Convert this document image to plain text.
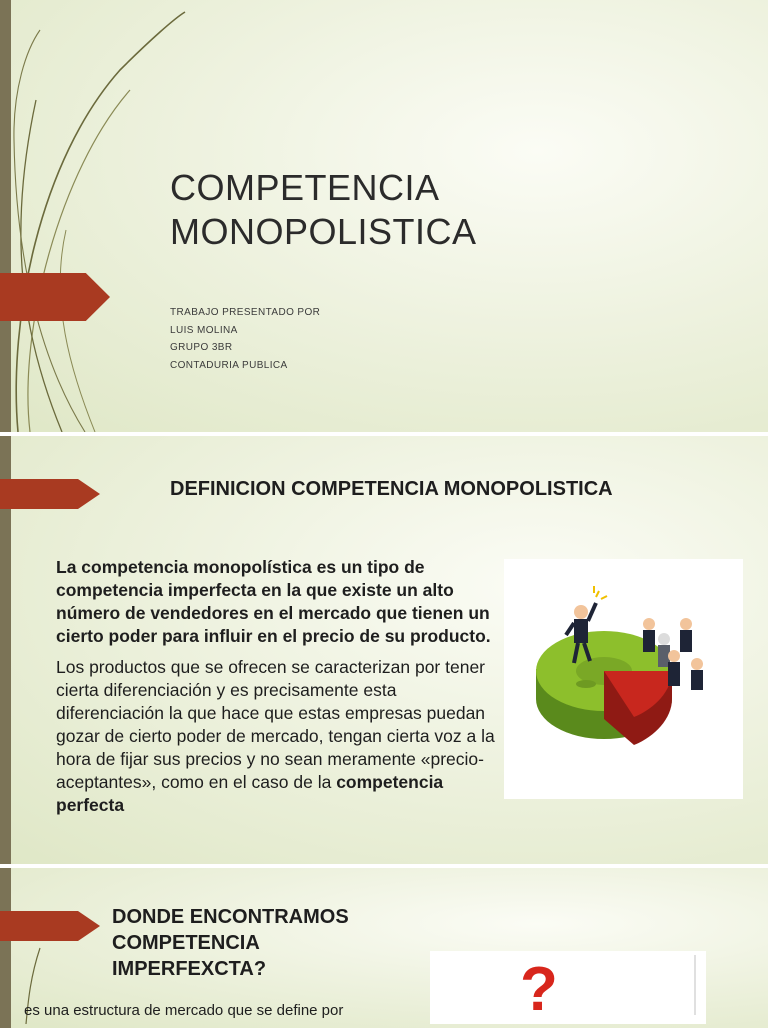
COMPETENCIA
MONOPOLISTICA
TRABAJO PRESENTADO POR
LUIS MOLINA
GRUPO 3BR
CONTADURIA PUBLICA
DEFINICION COMPETENCIA MONOPOLISTICA
La competencia monopolística es un tipo de competencia imperfecta en la que existe un alto número de vendedores en el mercado que tienen un cierto poder para influir en el precio de su producto.
Los productos que se ofrecen se caracterizan por tener cierta diferenciación y es precisamente esta diferenciación la que hace que estas empresas puedan gozar de cierto poder de mercado, tengan cierta voz a la hora de fijar sus precios y no sean meramente «precio-aceptantes», como en el caso de la competencia perfecta
DONDE ENCONTRAMOS
COMPETENCIA
IMPERFEXCTA?	?
es una estructura de mercado que se define por
